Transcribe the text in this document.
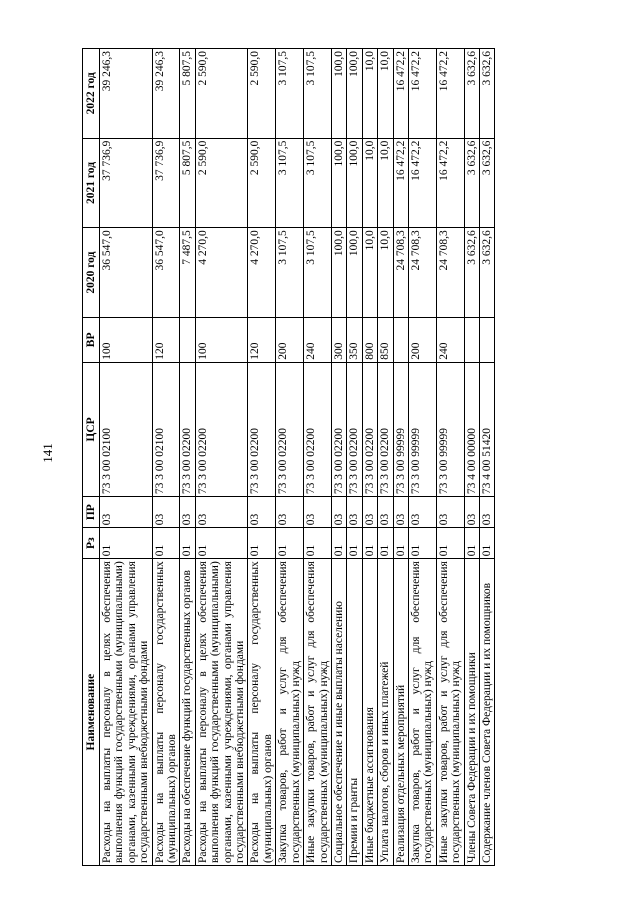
141
Наименование	Рз	ПР	ЦСР	ВР	2020 год	2021 год	2022 год
Расходы на выплаты персоналу в целях обеспечения выполнения функций государственными (муниципальными) органами, казенными учреждениями, органами управления государственными внебюджетными фондами	01	03	73 3 00 02100	100	36 547,0	37 736,9	39 246,3
Расходы на выплаты персоналу государственных (муниципальных) органов	01	03	73 3 00 02100	120	36 547,0	37 736,9	39 246,3
Расходы на обеспечение функций государственных органов	01	03	73 3 00 02200		7 487,5	5 807,5	5 807,5
Расходы на выплаты персоналу в целях обеспечения выполнения функций государственными (муниципальными) органами, казенными учреждениями, органами управления государственными внебюджетными фондами	01	03	73 3 00 02200	100	4 270,0	2 590,0	2 590,0
Расходы на выплаты персоналу государственных (муниципальных) органов	01	03	73 3 00 02200	120	4 270,0	2 590,0	2 590,0
Закупка товаров, работ и услуг для обеспечения государственных (муниципальных) нужд	01	03	73 3 00 02200	200	3 107,5	3 107,5	3 107,5
Иные закупки товаров, работ и услуг для обеспечения государственных (муниципальных) нужд	01	03	73 3 00 02200	240	3 107,5	3 107,5	3 107,5
Социальное обеспечение и иные выплаты населению	01	03	73 3 00 02200	300	100,0	100,0	100,0
Премии и гранты	01	03	73 3 00 02200	350	100,0	100,0	100,0
Иные бюджетные ассигнования	01	03	73 3 00 02200	800	10,0	10,0	10,0
Уплата налогов, сборов и иных платежей	01	03	73 3 00 02200	850	10,0	10,0	10,0
Реализация отдельных мероприятий	01	03	73 3 00 99999		24 708,3	16 472,2	16 472,2
Закупка товаров, работ и услуг для обеспечения государственных (муниципальных) нужд	01	03	73 3 00 99999	200	24 708,3	16 472,2	16 472,2
Иные закупки товаров, работ и услуг для обеспечения государственных (муниципальных) нужд	01	03	73 3 00 99999	240	24 708,3	16 472,2	16 472,2
Члены Совета Федерации и их помощники	01	03	73 4 00 00000		3 632,6	3 632,6	3 632,6
Содержание членов Совета Федерации и их помощников	01	03	73 4 00 51420		3 632,6	3 632,6	3 632,6
